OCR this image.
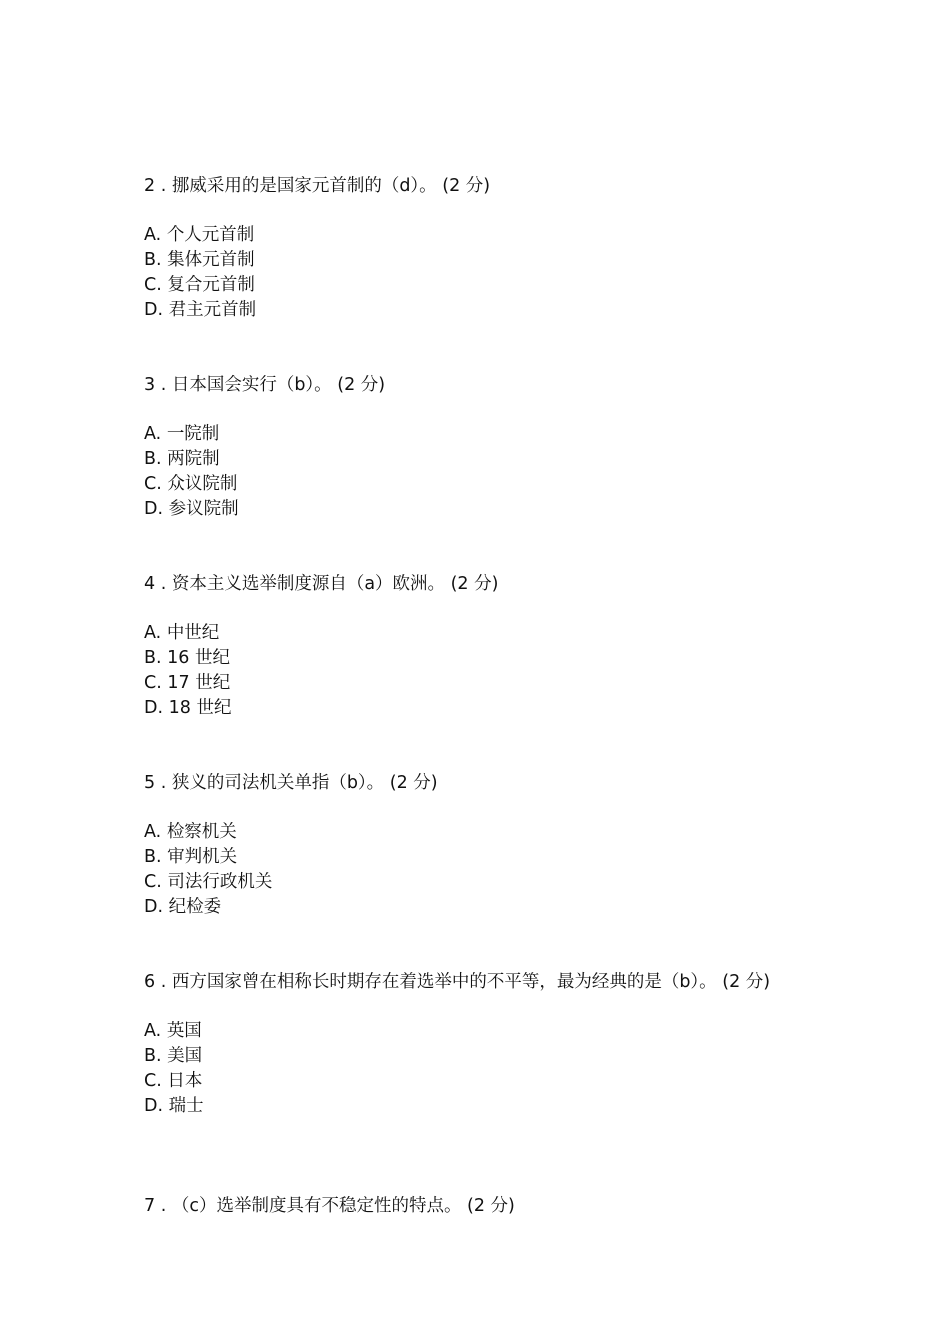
2 . 挪威采用的是国家元首制的（d）。 (2 分)

A. 个人元首制
B. 集体元首制
C. 复合元首制
D. 君主元首制

3 . 日本国会实行（b）。 (2 分)

A. 一院制
B. 两院制
C. 众议院制
D. 参议院制

4 . 资本主义选举制度源自（a）欧洲。 (2 分)

A. 中世纪
B. 16 世纪
C. 17 世纪
D. 18 世纪

5 . 狭义的司法机关单指（b）。 (2 分)

A. 检察机关
B. 审判机关
C. 司法行政机关
D. 纪检委

6 . 西方国家曾在相称长时期存在着选举中的不平等，最为经典的是（b）。 (2 分)

A. 英国
B. 美国
C. 日本
D. 瑞士

7 . （c）选举制度具有不稳定性的特点。 (2 分)
